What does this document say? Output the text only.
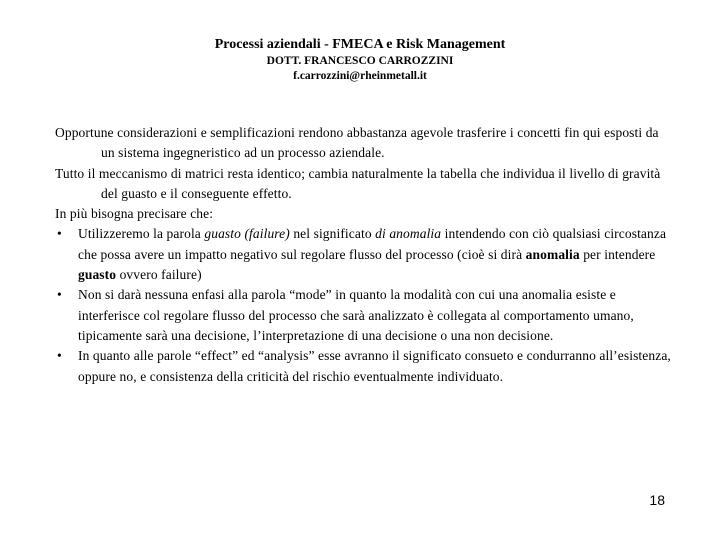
Processi aziendali - FMECA e Risk Management
DOTT. FRANCESCO CARROZZINI
f.carrozzini@rheinmetall.it

Opportune considerazioni e semplificazioni rendono abbastanza agevole trasferire i concetti fin qui esposti da un sistema ingegneristico ad un processo aziendale.

Tutto il meccanismo di matrici resta identico; cambia naturalmente la tabella che individua il livello di gravità del guasto e il conseguente effetto.

In più bisogna precisare che:

• Utilizzeremo la parola guasto (failure) nel significato di anomalia intendendo con ciò qualsiasi circostanza che possa avere un impatto negativo sul regolare flusso del processo (cioè si dirà anomalia per intendere guasto ovvero failure)
• Non si darà nessuna enfasi alla parola “mode” in quanto la modalità con cui una anomalia esiste e interferisce col regolare flusso del processo che sarà analizzato è collegata al comportamento umano, tipicamente sarà una decisione, l’interpretazione di una decisione o una non decisione.
• In quanto alle parole “effect” ed “analysis” esse avranno il significato consueto e condurranno all’esistenza, oppure no, e consistenza della criticità del rischio eventualmente individuato.
18
